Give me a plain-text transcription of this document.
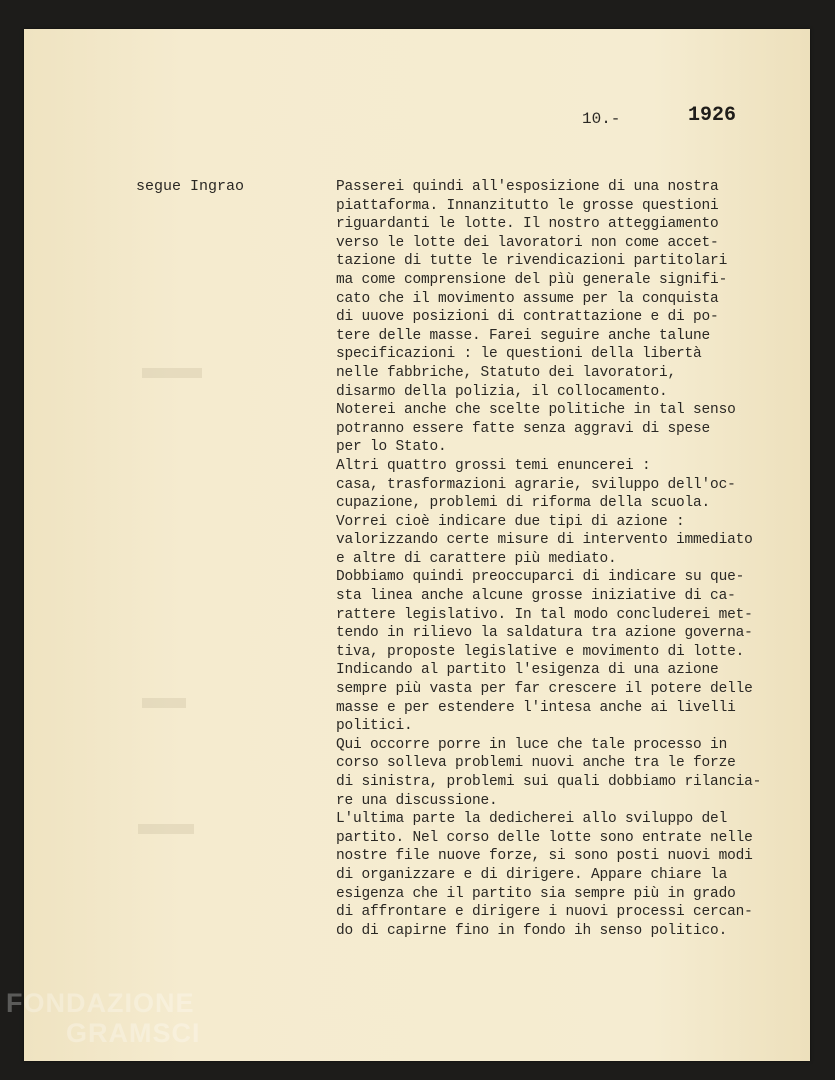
10.-	1926
segue Ingrao	Passerei quindi all'esposizione di una nostra
piattaforma. Innanzitutto le grosse questioni
riguardanti le lotte. Il nostro atteggiamento
verso le lotte dei lavoratori non come accet-
tazione di tutte le rivendicazioni partitolari
ma come comprensione del pìù generale signifi-
cato che il movimento assume per la conquista
di uuove posizioni di contrattazione e di po-
tere delle masse. Farei seguire anche talune
specificazioni : le questioni della libertà
nelle fabbriche, Statuto dei lavoratori,
disarmo della polizia, il collocamento.
Noterei anche che scelte politiche in tal senso
potranno essere fatte senza aggravi di spese
per lo Stato.
Altri quattro grossi temi enuncerei :
casa, trasformazioni agrarie, sviluppo dell'oc-
cupazione, problemi di riforma della scuola.
Vorrei cioè indicare due tipi di azione :
valorizzando certe misure di intervento immediato
e altre di carattere più mediato.
Dobbiamo quindi preoccuparci di indicare su que-
sta linea anche alcune grosse iniziative di ca-
rattere legislativo. In tal modo concluderei met-
tendo in rilievo la saldatura tra azione governa-
tiva, proposte legislative e movimento di lotte.
Indicando al partito l'esigenza di una azione
sempre più vasta per far crescere il potere delle
masse e per estendere l'intesa anche ai livelli
politici.
Qui occorre porre in luce che tale processo in
corso solleva problemi nuovi anche tra le forze
di sinistra, problemi sui quali dobbiamo rilancia-
re una discussione.
L'ultima parte la dedicherei allo sviluppo del
partito. Nel corso delle lotte sono entrate nelle
nostre file nuove forze, si sono posti nuovi modi
di organizzare e di dirigere. Appare chiare la
esigenza che il partito sia sempre più in grado
di affrontare e dirigere i nuovi processi cercan-
do di capirne fino in fondo ih senso politico.
FONDAZIONE
GRAMSCI
